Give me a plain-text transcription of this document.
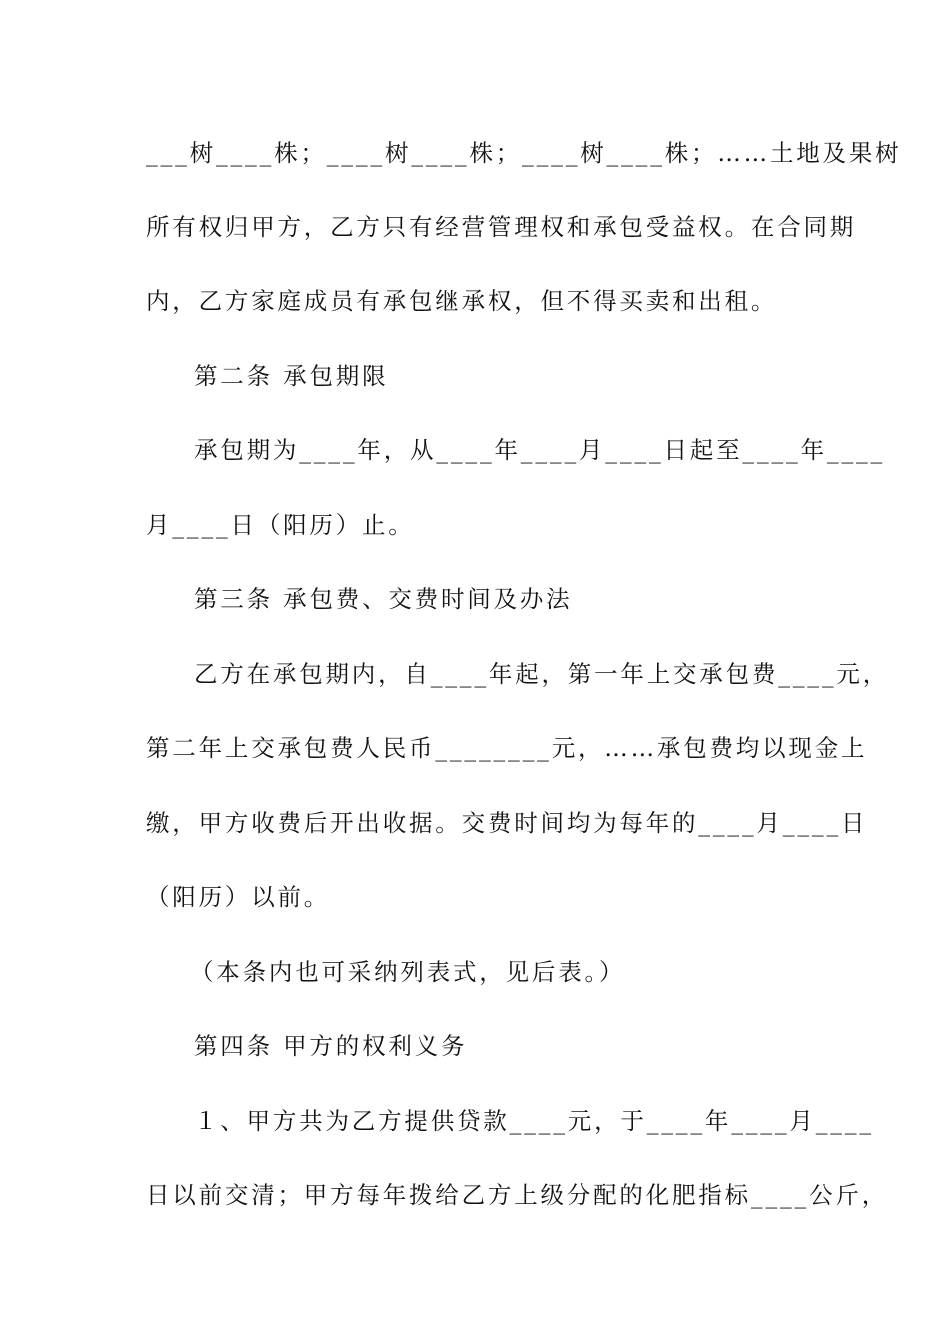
___树____株；____树____株；____树____株；……土地及果树
所有权归甲方，乙方只有经营管理权和承包受益权。在合同期
内，乙方家庭成员有承包继承权，但不得买卖和出租。
第二条 承包期限
承包期为____年，从____年____月____日起至____年____
月____日（阳历）止。
第三条 承包费、交费时间及办法
乙方在承包期内，自____年起，第一年上交承包费____元，
第二年上交承包费人民币________元，……承包费均以现金上
缴，甲方收费后开出收据。交费时间均为每年的____月____日
（阳历）以前。
（本条内也可采纳列表式，见后表。）
第四条 甲方的权利义务
１、甲方共为乙方提供贷款____元，于____年____月____
日以前交清；甲方每年拨给乙方上级分配的化肥指标____公斤，
